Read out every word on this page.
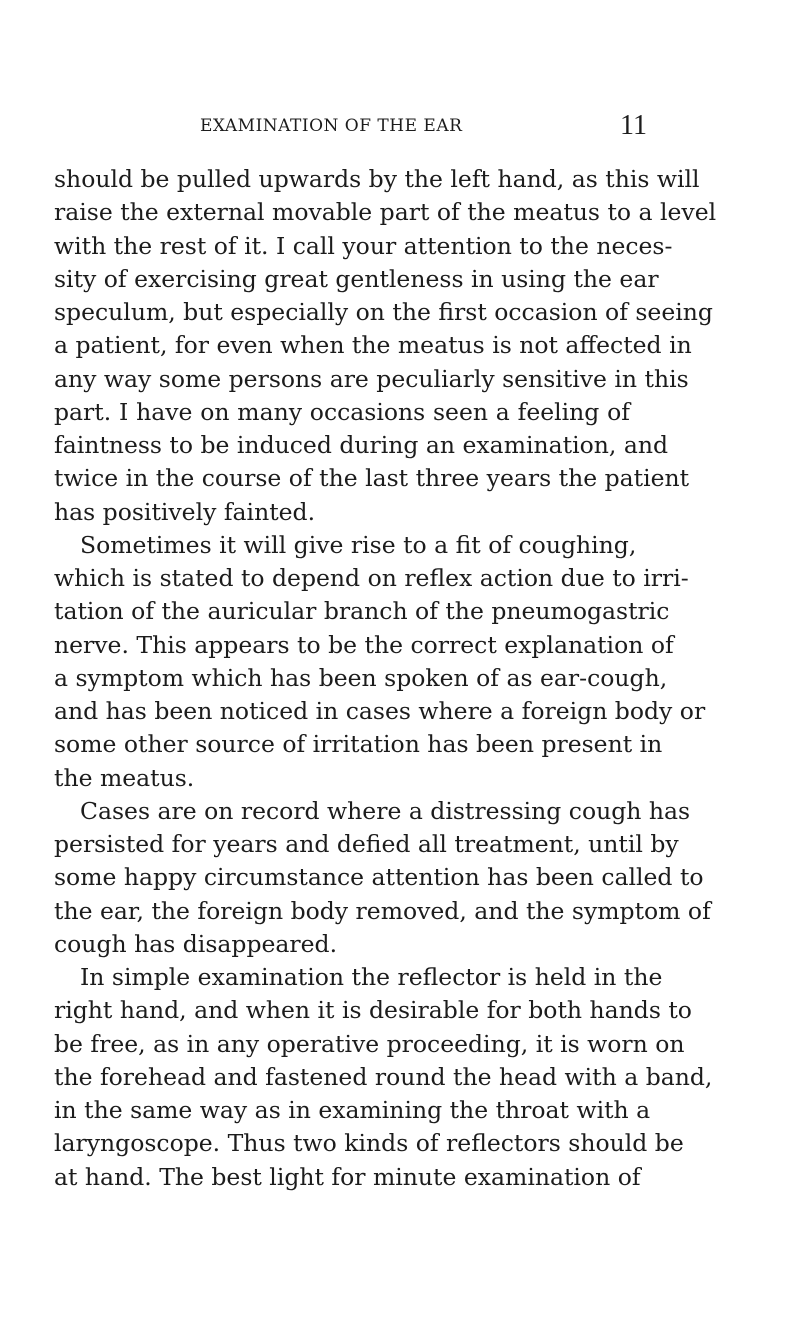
EXAMINATION OF THE EAR	11
should be pulled upwards by the left hand, as this will
raise the external movable part of the meatus to a level
with the rest of it. I call your attention to the neces-
sity of exercising great gentleness in using the ear
speculum, but especially on the first occasion of seeing
a patient, for even when the meatus is not affected in
any way some persons are peculiarly sensitive in this
part. I have on many occasions seen a feeling of
faintness to be induced during an examination, and
twice in the course of the last three years the patient
has positively fainted.
Sometimes it will give rise to a fit of coughing,
which is stated to depend on reflex action due to irri-
tation of the auricular branch of the pneumogastric
nerve. This appears to be the correct explanation of
a symptom which has been spoken of as ear-cough,
and has been noticed in cases where a foreign body or
some other source of irritation has been present in
the meatus.
Cases are on record where a distressing cough has
persisted for years and defied all treatment, until by
some happy circumstance attention has been called to
the ear, the foreign body removed, and the symptom of
cough has disappeared.
In simple examination the reflector is held in the
right hand, and when it is desirable for both hands to
be free, as in any operative proceeding, it is worn on
the forehead and fastened round the head with a band,
in the same way as in examining the throat with a
laryngoscope. Thus two kinds of reflectors should be
at hand. The best light for minute examination of
